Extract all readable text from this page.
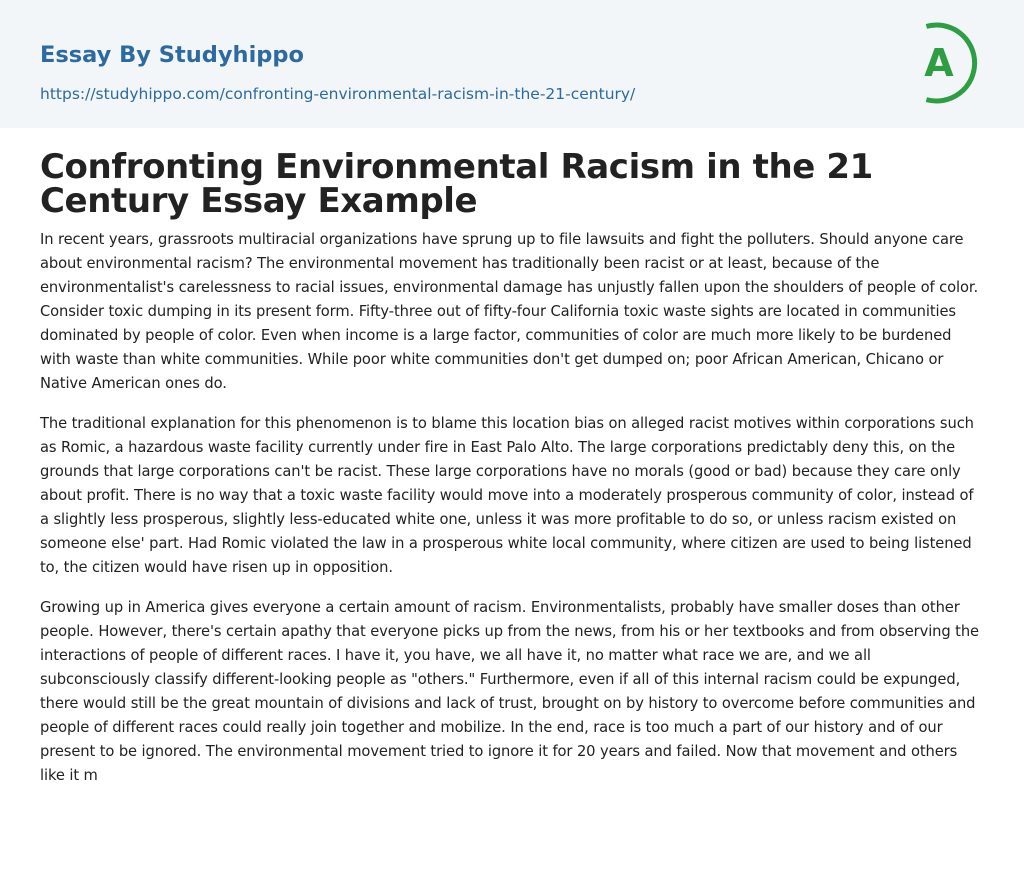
Essay By Studyhippo
https://studyhippo.com/confronting-environmental-racism-in-the-21-century/
A
Confronting Environmental Racism in the 21 Century Essay Example

In recent years, grassroots multiracial organizations have sprung up to file lawsuits and fight the polluters. Should anyone care about environmental racism? The environmental movement has traditionally been racist or at least, because of the environmentalist's carelessness to racial issues, environmental damage has unjustly fallen upon the shoulders of people of color. Consider toxic dumping in its present form. Fifty-three out of fifty-four California toxic waste sights are located in communities dominated by people of color. Even when income is a large factor, communities of color are much more likely to be burdened with waste than white communities. While poor white communities don't get dumped on; poor African American, Chicano or Native American ones do.

The traditional explanation for this phenomenon is to blame this location bias on alleged racist motives within corporations such as Romic, a hazardous waste facility currently under fire in East Palo Alto. The large corporations predictably deny this, on the grounds that large corporations can't be racist. These large corporations have no morals (good or bad) because they care only about profit. There is no way that a toxic waste facility would move into a moderately prosperous community of color, instead of a slightly less prosperous, slightly less-educated white one, unless it was more profitable to do so, or unless racism existed on someone else' part. Had Romic violated the law in a prosperous white local community, where citizen are used to being listened to, the citizen would have risen up in opposition.

Growing up in America gives everyone a certain amount of racism. Environmentalists, probably have smaller doses than other people. However, there's certain apathy that everyone picks up from the news, from his or her textbooks and from observing the interactions of people of different races. I have it, you have, we all have it, no matter what race we are, and we all subconsciously classify different-looking people as "others." Furthermore, even if all of this internal racism could be expunged, there would still be the great mountain of divisions and lack of trust, brought on by history to overcome before communities and people of different races could really join together and mobilize. In the end, race is too much a part of our history and of our present to be ignored. The environmental movement tried to ignore it for 20 years and failed. Now that movement and others like it m
